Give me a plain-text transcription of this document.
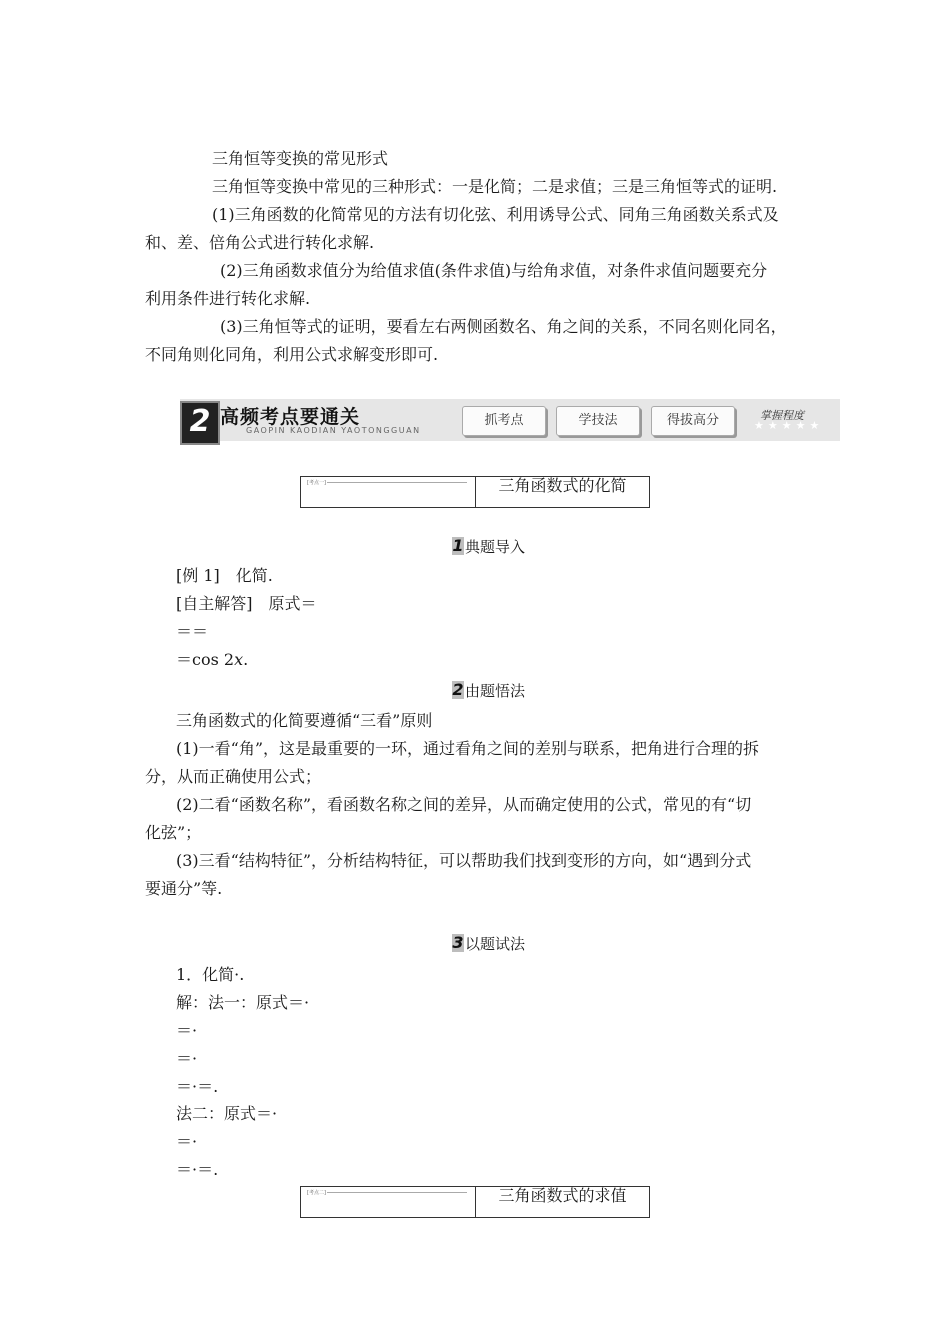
三角恒等变换的常见形式
三角恒等变换中常见的三种形式：一是化简；二是求值；三是三角恒等式的证明.
(1)三角函数的化简常见的方法有切化弦、利用诱导公式、同角三角函数关系式及
和、差、倍角公式进行转化求解.
(2)三角函数求值分为给值求值(条件求值)与给角求值，对条件求值问题要充分
利用条件进行转化求解.
(3)三角恒等式的证明，要看左右两侧函数名、角之间的关系，不同名则化同名，
不同角则化同角，利用公式求解变形即可.
2 高频考点要通关
GAOPIN KAODIAN YAOTONGGUAN
抓考点	学技法	得拔高分	掌握程度
★★★★★
[考点一]	三角函数式的化简
1典题导入
[例 1]　化简.
[自主解答]　原式＝
＝＝
＝cos 2x.
2由题悟法
三角函数式的化简要遵循“三看”原则
(1)一看“角”，这是最重要的一环，通过看角之间的差别与联系，把角进行合理的拆
分，从而正确使用公式；
(2)二看“函数名称”，看函数名称之间的差异，从而确定使用的公式，常见的有“切
化弦”；
(3)三看“结构特征”，分析结构特征，可以帮助我们找到变形的方向，如“遇到分式
要通分”等.
3以题试法
1．化简·.
解：法一：原式＝·
＝·
＝·
＝·＝.
法二：原式＝·
＝·
＝·＝.
[考点二]	三角函数式的求值
